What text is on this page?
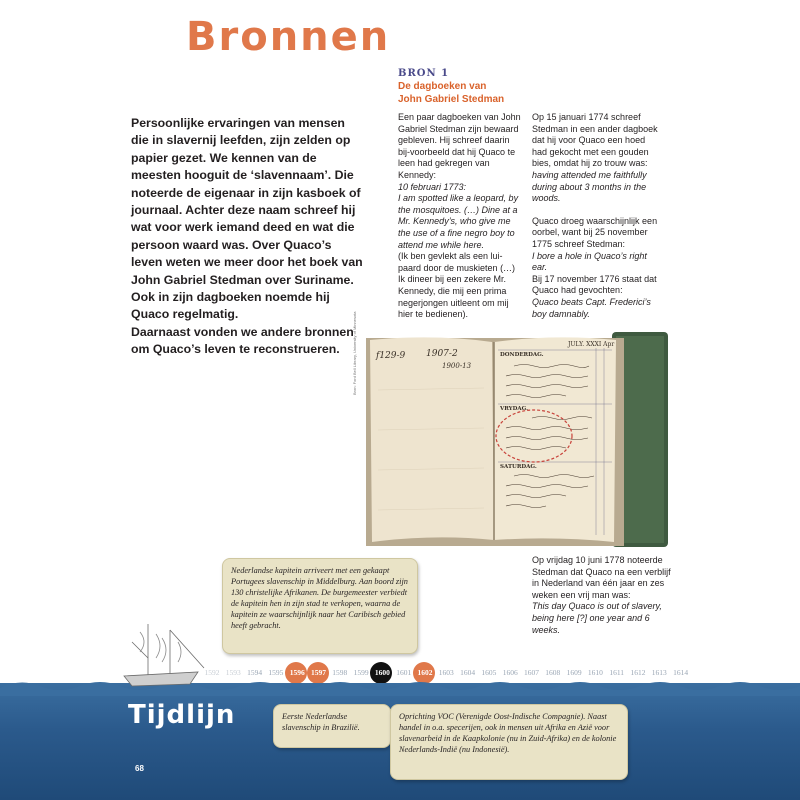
Bronnen

Persoonlijke ervaringen van mensen die in slavernij leefden, zijn zelden op papier gezet. We kennen van de meesten hooguit de ‘slavennaam’. Die noteerde de eigenaar in zijn kasboek of journaal. Achter deze naam schreef hij wat voor werk iemand deed en wat die persoon waard was. Over Quaco’s leven weten we meer door het boek van John Gabriel Stedman over Suriname. Ook in zijn dagboeken noemde hij Quaco regelmatig.

Daarnaast vonden we andere bronnen om Quaco’s leven te reconstrueren.

BRON 1
De dagboeken van
John Gabriel Stedman

Een paar dagboeken van John Gabriel Stedman zijn bewaard gebleven. Hij schreef daarin bij-voorbeeld dat hij Quaco te leen had gekregen van Kennedy:

10 februari 1773:

I am spotted like a leopard, by the mosquitoes. (…) Dine at a Mr. Kennedy’s, who give me the use of a fine negro boy to attend me while here.

(Ik ben gevlekt als een lui-paard door de muskieten (…) Ik dineer bij een zekere Mr. Kennedy, die mij een prima negerjongen uitleent om mij hier te bedienen).

Op 15 januari 1774 schreef Stedman in een ander dagboek dat hij voor Quaco een hoed had gekocht met een gouden bies, omdat hij zo trouw was:

having attended me faithfully during about 3 months in the woods.

Quaco droeg waarschijnlijk een oorbel, want bij 25 november 1775 schreef Stedman:

I bore a hole in Quaco’s right ear.

Bij 17 november 1776 staat dat Quaco had gevochten:

Quaco beats Capt. Frederici’s boy damnably.

Bron: Ford Bell Library, University of Minnesota f129-9 1907-2
1900-13
JULY. XXXI Apr
DONDERDAG.
VRYDAG.
SATURDAG.

Op vrijdag 10 juni 1778 noteerde Stedman dat Quaco na een verblijf in Nederland van één jaar en zes weken een vrij man was:

This day Quaco is out of slavery, being here [?] one year and 6 weeks.

1592 1593 1594 1595 1596 1597 1598 1599 1600 1601 1602 1603 1604 1605 1606 1607 1608 1609 1610 1611 1612 1613 1614
Nederlandse kapitein arriveert met een gekaapt Portugees slavenschip in Middelburg. Aan boord zijn 130 christelijke Afrikanen. De burgemeester verbiedt de kapitein hen in zijn stad te verkopen, waarna de kapitein ze waarschijnlijk naar het Caribisch gebied heeft gebracht.
Eerste Nederlandse slavenschip in Brazilië.
Oprichting VOC (Verenigde Oost-Indische Compagnie). Naast handel in o.a. specerijen, ook in mensen uit Afrika en Azië voor slavenarbeid in de Kaapkolonie (nu in Zuid-Afrika) en de kolonie Nederlands-Indië (nu Indonesië).
Tijdlijn
68
